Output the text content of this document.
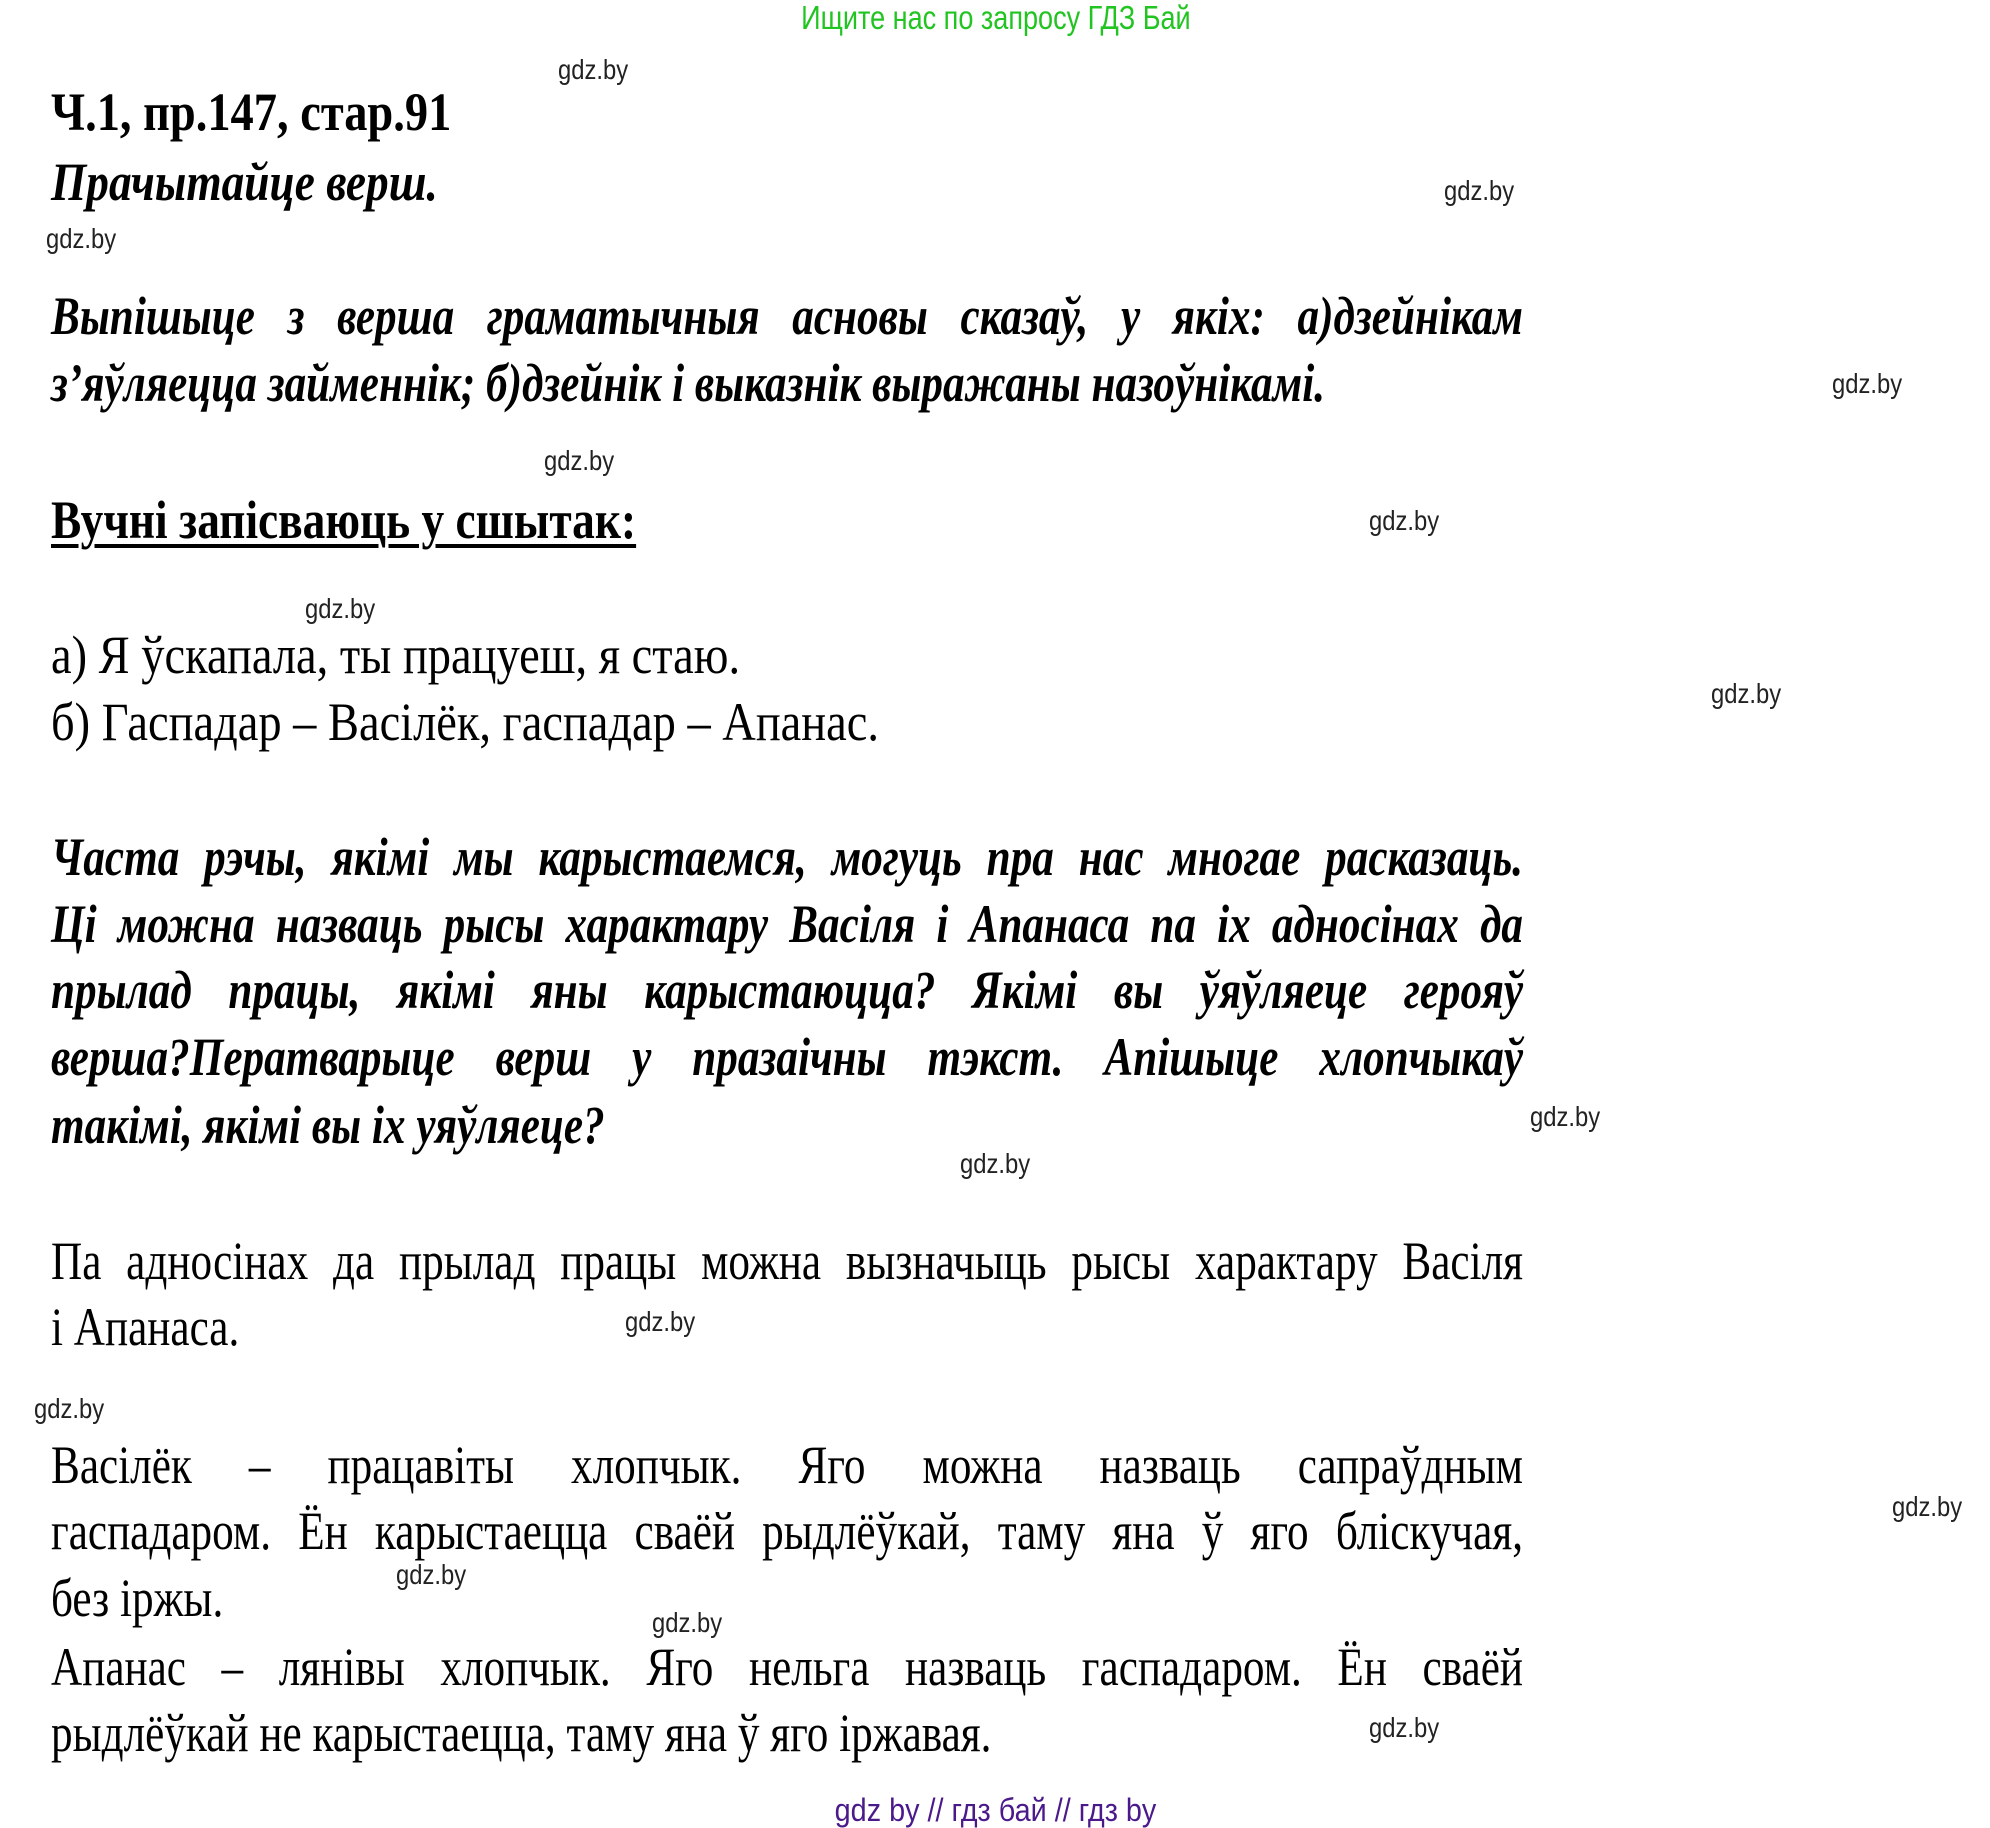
Ищите нас по запросу ГДЗ Бай
Ч.1, пр.147, стар.91
Прачытайце верш.
Выпішыце з верша граматычныя асновы сказаў, у якіх: а)дзейнікам
з’яўляецца займеннік; б)дзейнік і выказнік выражаны назоўнікамі.
Вучні запісваюць у сшытак:
а) Я ўскапала, ты працуеш, я стаю.
б) Гаспадар – Васілёк, гаспадар – Апанас.
Часта рэчы, якімі мы карыстаемся, могуць пра нас многае расказаць.
Ці можна назваць рысы характару Васіля і Апанаса па іх адносінах да
прылад працы, якімі яны карыстаюцца? Якімі вы ўяўляеце герояў
верша?Ператварыце верш у празаічны тэкст. Апішыце хлопчыкаў
такімі, якімі вы іх уяўляеце?
Па адносінах да прылад працы можна вызначыць рысы характару Васіля
і Апанаса.
Васілёк – працавіты хлопчык. Яго можна назваць сапраўдным
гаспадаром. Ён карыстаецца сваёй рыдлёўкай, таму яна ў яго бліскучая,
без іржы.
Апанас – лянівы хлопчык. Яго нельга назваць гаспадаром. Ён сваёй
рыдлёўкай не карыстаецца, таму яна ў яго іржавая.
gdz.by
gdz.by
gdz.by
gdz.by
gdz.by
gdz.by
gdz.by
gdz.by
gdz.by
gdz.by
gdz.by
gdz.by
gdz.by
gdz.by
gdz.by
gdz.by
gdz by // гдз бай // гдз by
